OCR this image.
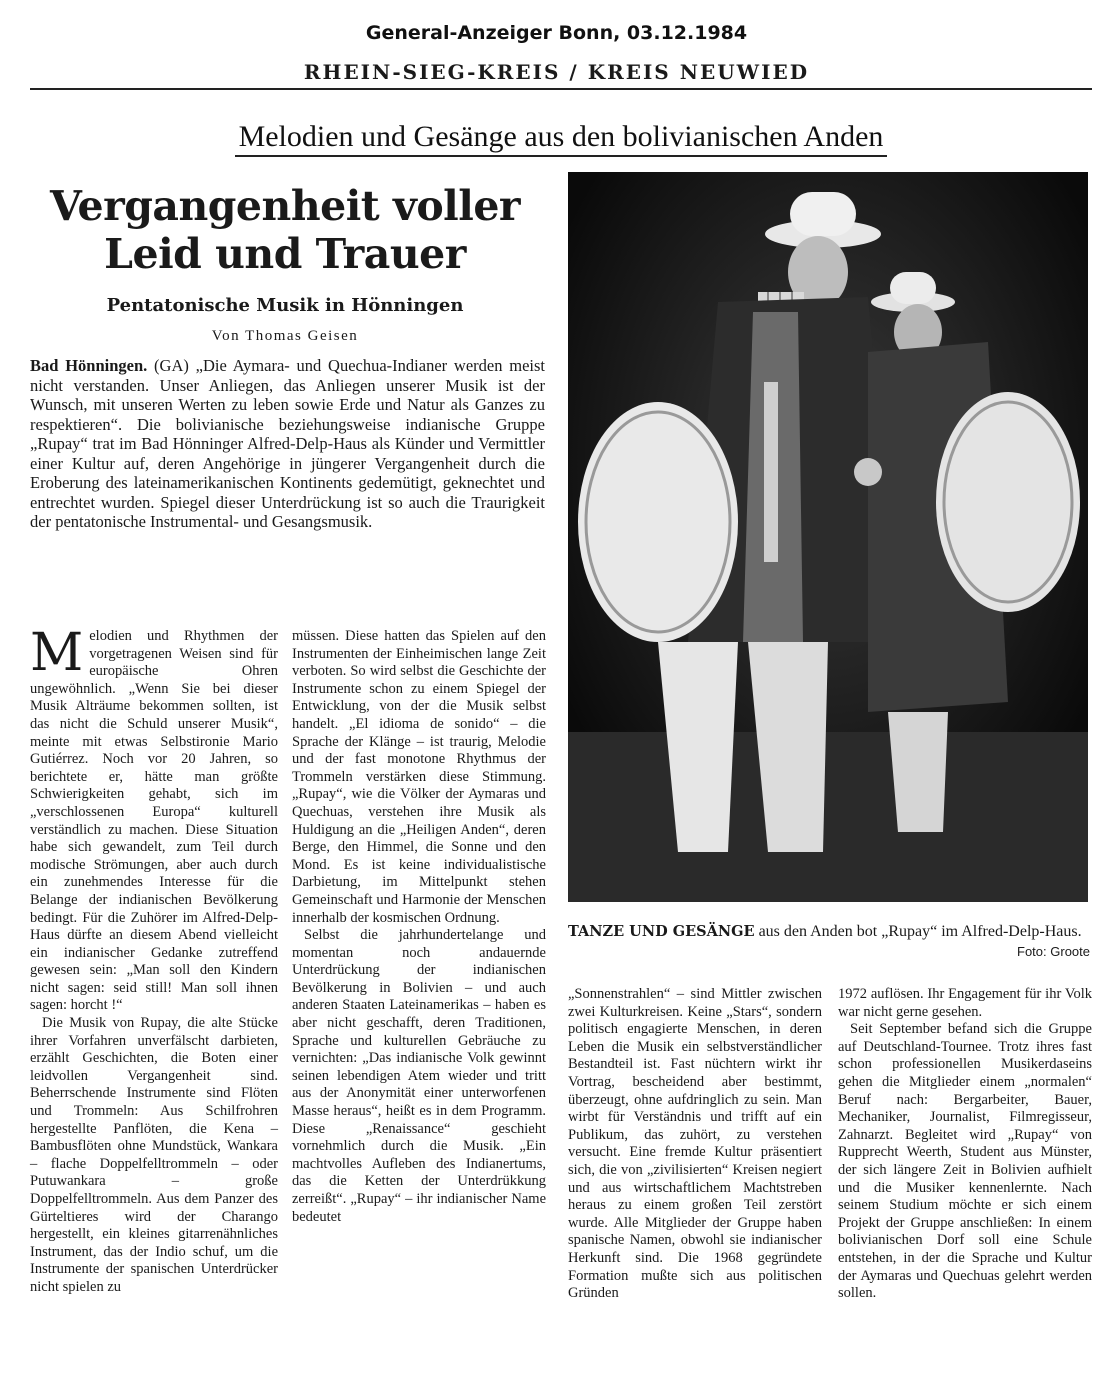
General-Anzeiger Bonn, 03.12.1984
RHEIN-SIEG-KREIS / KREIS NEUWIED
Melodien und Gesänge aus den bolivianischen Anden
Vergangenheit voller
Leid und Trauer
Pentatonische Musik in Hönningen
Von Thomas Geisen
Bad Hönningen. (GA) „Die Aymara- und Quechua-Indianer werden meist nicht verstanden. Unser Anliegen, das Anliegen unserer Musik ist der Wunsch, mit unseren Werten zu leben sowie Erde und Natur als Ganzes zu respektieren“. Die bolivianische beziehungsweise indianische Gruppe „Rupay“ trat im Bad Hönninger Alfred-Delp-Haus als Künder und Vermittler einer Kultur auf, deren Angehörige in jüngerer Vergangenheit durch die Eroberung des lateinamerikanischen Kontinents gedemütigt, geknechtet und entrechtet wurden. Spiegel dieser Unterdrückung ist so auch die Traurigkeit der pentatonische Instrumental- und Gesangsmusik.

Melodien und Rhythmen der vorgetragenen Weisen sind für europäische Ohren ungewöhnlich. „Wenn Sie bei dieser Musik Alträume bekommen sollten, ist das nicht die Schuld unserer Musik“, meinte mit etwas Selbstironie Mario Gutiérrez. Noch vor 20 Jahren, so berichtete er, hätte man größte Schwierigkeiten gehabt, sich im „verschlossenen Europa“ kulturell verständlich zu machen. Diese Situation habe sich gewandelt, zum Teil durch modische Strömungen, aber auch durch ein zunehmendes Interesse für die Belange der indianischen Bevölkerung bedingt. Für die Zuhörer im Alfred-Delp-Haus dürfte an diesem Abend vielleicht ein indianischer Gedanke zutreffend gewesen sein: „Man soll den Kindern nicht sagen: seid still! Man soll ihnen sagen: horcht !“

Die Musik von Rupay, die alte Stücke ihrer Vorfahren unverfälscht darbieten, erzählt Geschichten, die Boten einer leidvollen Vergangenheit sind. Beherrschende Instrumente sind Flöten und Trommeln: Aus Schilfrohren hergestellte Panflöten, die Kena – Bambusflöten ohne Mundstück, Wankara – flache Doppelfelltrommeln – oder Putuwankara – große Doppelfelltrommeln. Aus dem Panzer des Gürteltieres wird der Charango hergestellt, ein kleines gitarrenähnliches Instrument, das der Indio schuf, um die Instrumente der spanischen Unterdrücker nicht spielen zu

müssen. Diese hatten das Spielen auf den Instrumenten der Einheimischen lange Zeit verboten. So wird selbst die Geschichte der Instrumente schon zu einem Spiegel der Entwicklung, von der die Musik selbst handelt. „El idioma de sonido“ – die Sprache der Klänge – ist traurig, Melodie und der fast monotone Rhythmus der Trommeln verstärken diese Stimmung. „Rupay“, wie die Völker der Aymaras und Quechuas, verstehen ihre Musik als Huldigung an die „Heiligen Anden“, deren Berge, den Himmel, die Sonne und den Mond. Es ist keine individualistische Darbietung, im Mittelpunkt stehen Gemeinschaft und Harmonie der Menschen innerhalb der kosmischen Ordnung.

Selbst die jahrhundertelange und momentan noch andauernde Unterdrückung der indianischen Bevölkerung in Bolivien – und auch anderen Staaten Lateinamerikas – haben es aber nicht geschafft, deren Traditionen, Sprache und kulturellen Gebräuche zu vernichten: „Das indianische Volk gewinnt seinen lebendigen Atem wieder und tritt aus der Anonymität einer unterworfenen Masse heraus“, heißt es in dem Programm. Diese „Renaissance“ geschieht vornehmlich durch die Musik. „Ein machtvolles Aufleben des Indianertums, das die Ketten der Unterdrükkung zerreißt“. „Rupay“ – ihr indianischer Name bedeutet

TANZE UND GESÄNGE aus den Anden bot „Rupay“ im Alfred-Delp-Haus.
Foto: Groote

„Sonnenstrahlen“ – sind Mittler zwischen zwei Kulturkreisen. Keine „Stars“, sondern politisch engagierte Menschen, in deren Leben die Musik ein selbstverständlicher Bestandteil ist. Fast nüchtern wirkt ihr Vortrag, bescheidend aber bestimmt, überzeugt, ohne aufdringlich zu sein. Man wirbt für Verständnis und trifft auf ein Publikum, das zuhört, zu verstehen versucht. Eine fremde Kultur präsentiert sich, die von „zivilisierten“ Kreisen negiert und aus wirtschaftlichem Machtstreben heraus zu einem großen Teil zerstört wurde. Alle Mitglieder der Gruppe haben spanische Namen, obwohl sie indianischer Herkunft sind. Die 1968 gegründete Formation mußte sich aus politischen Gründen

1972 auflösen. Ihr Engagement für ihr Volk war nicht gerne gesehen.

Seit September befand sich die Gruppe auf Deutschland-Tournee. Trotz ihres fast schon professionellen Musikerdaseins gehen die Mitglieder einem „normalen“ Beruf nach: Bergarbeiter, Bauer, Mechaniker, Journalist, Filmregisseur, Zahnarzt. Begleitet wird „Rupay“ von Rupprecht Weerth, Student aus Münster, der sich längere Zeit in Bolivien aufhielt und die Musiker kennenlernte. Nach seinem Studium möchte er sich einem Projekt der Gruppe anschließen: In einem bolivianischen Dorf soll eine Schule entstehen, in der die Sprache und Kultur der Aymaras und Quechuas gelehrt werden sollen.
